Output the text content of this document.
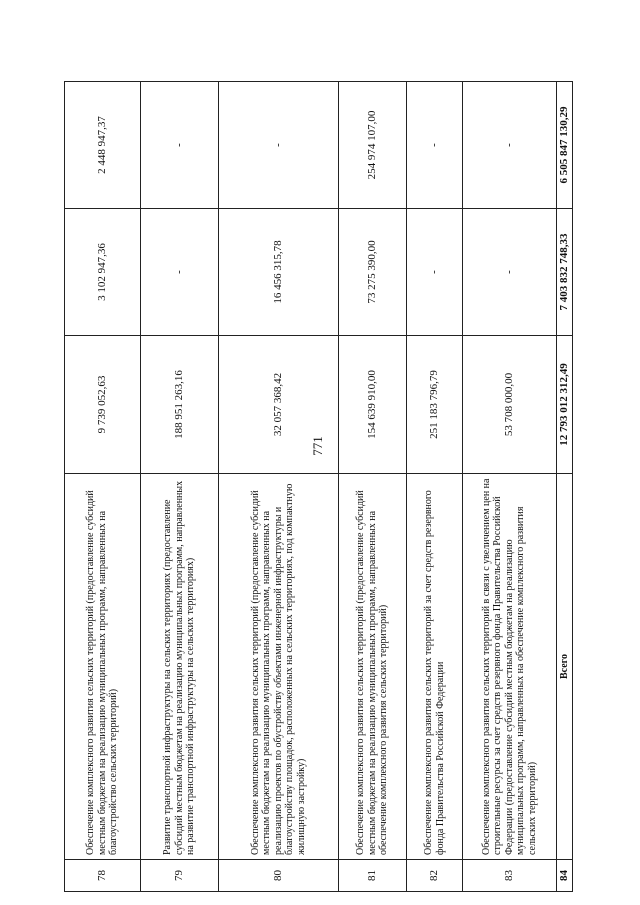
771
78	Обеспечение комплексного развития сельских территорий (предоставление субсидий местным бюджетам на реализацию муниципальных программ, направленных на благоустройство сельских территорий)	9 739 052,63	3 102 947,36	2 448 947,37
79	Развитие транспортной инфраструктуры на сельских территориях (предоставление субсидий местным бюджетам на реализацию муниципальных программ, направленных на развитие транспортной инфраструктуры на сельских территориях)	188 951 263,16	-	-
80	Обеспечение комплексного развития сельских территорий (предоставление субсидий местным бюджетам на реализацию муниципальных программ, направленных на реализацию проектов по обустройству объектами инженерной инфраструктуры и благоустройству площадок, расположенных на сельских территориях, под компактную жилищную застройку)	32 057 368,42	16 456 315,78	-
81	Обеспечение комплексного развития сельских территорий (предоставление субсидий местным бюджетам на реализацию муниципальных программ, направленных на обеспечение комплексного развития сельских территорий)	154 639 910,00	73 275 390,00	254 974 107,00
82	Обеспечение комплексного развития сельских территорий за счет средств резервного фонда Правительства Российской Федерации	251 183 796,79	-	-
83	Обеспечение комплексного развития сельских территорий в связи с увеличением цен на строительные ресурсы за счет средств резервного фонда Правительства Российской Федерации (предоставление субсидий местным бюджетам на реализацию муниципальных программ, направленных на обеспечение комплексного развития сельских территорий)	53 708 000,00	-	-
84	Всего	12 793 012 312,49	7 403 832 748,33	6 505 847 130,29
